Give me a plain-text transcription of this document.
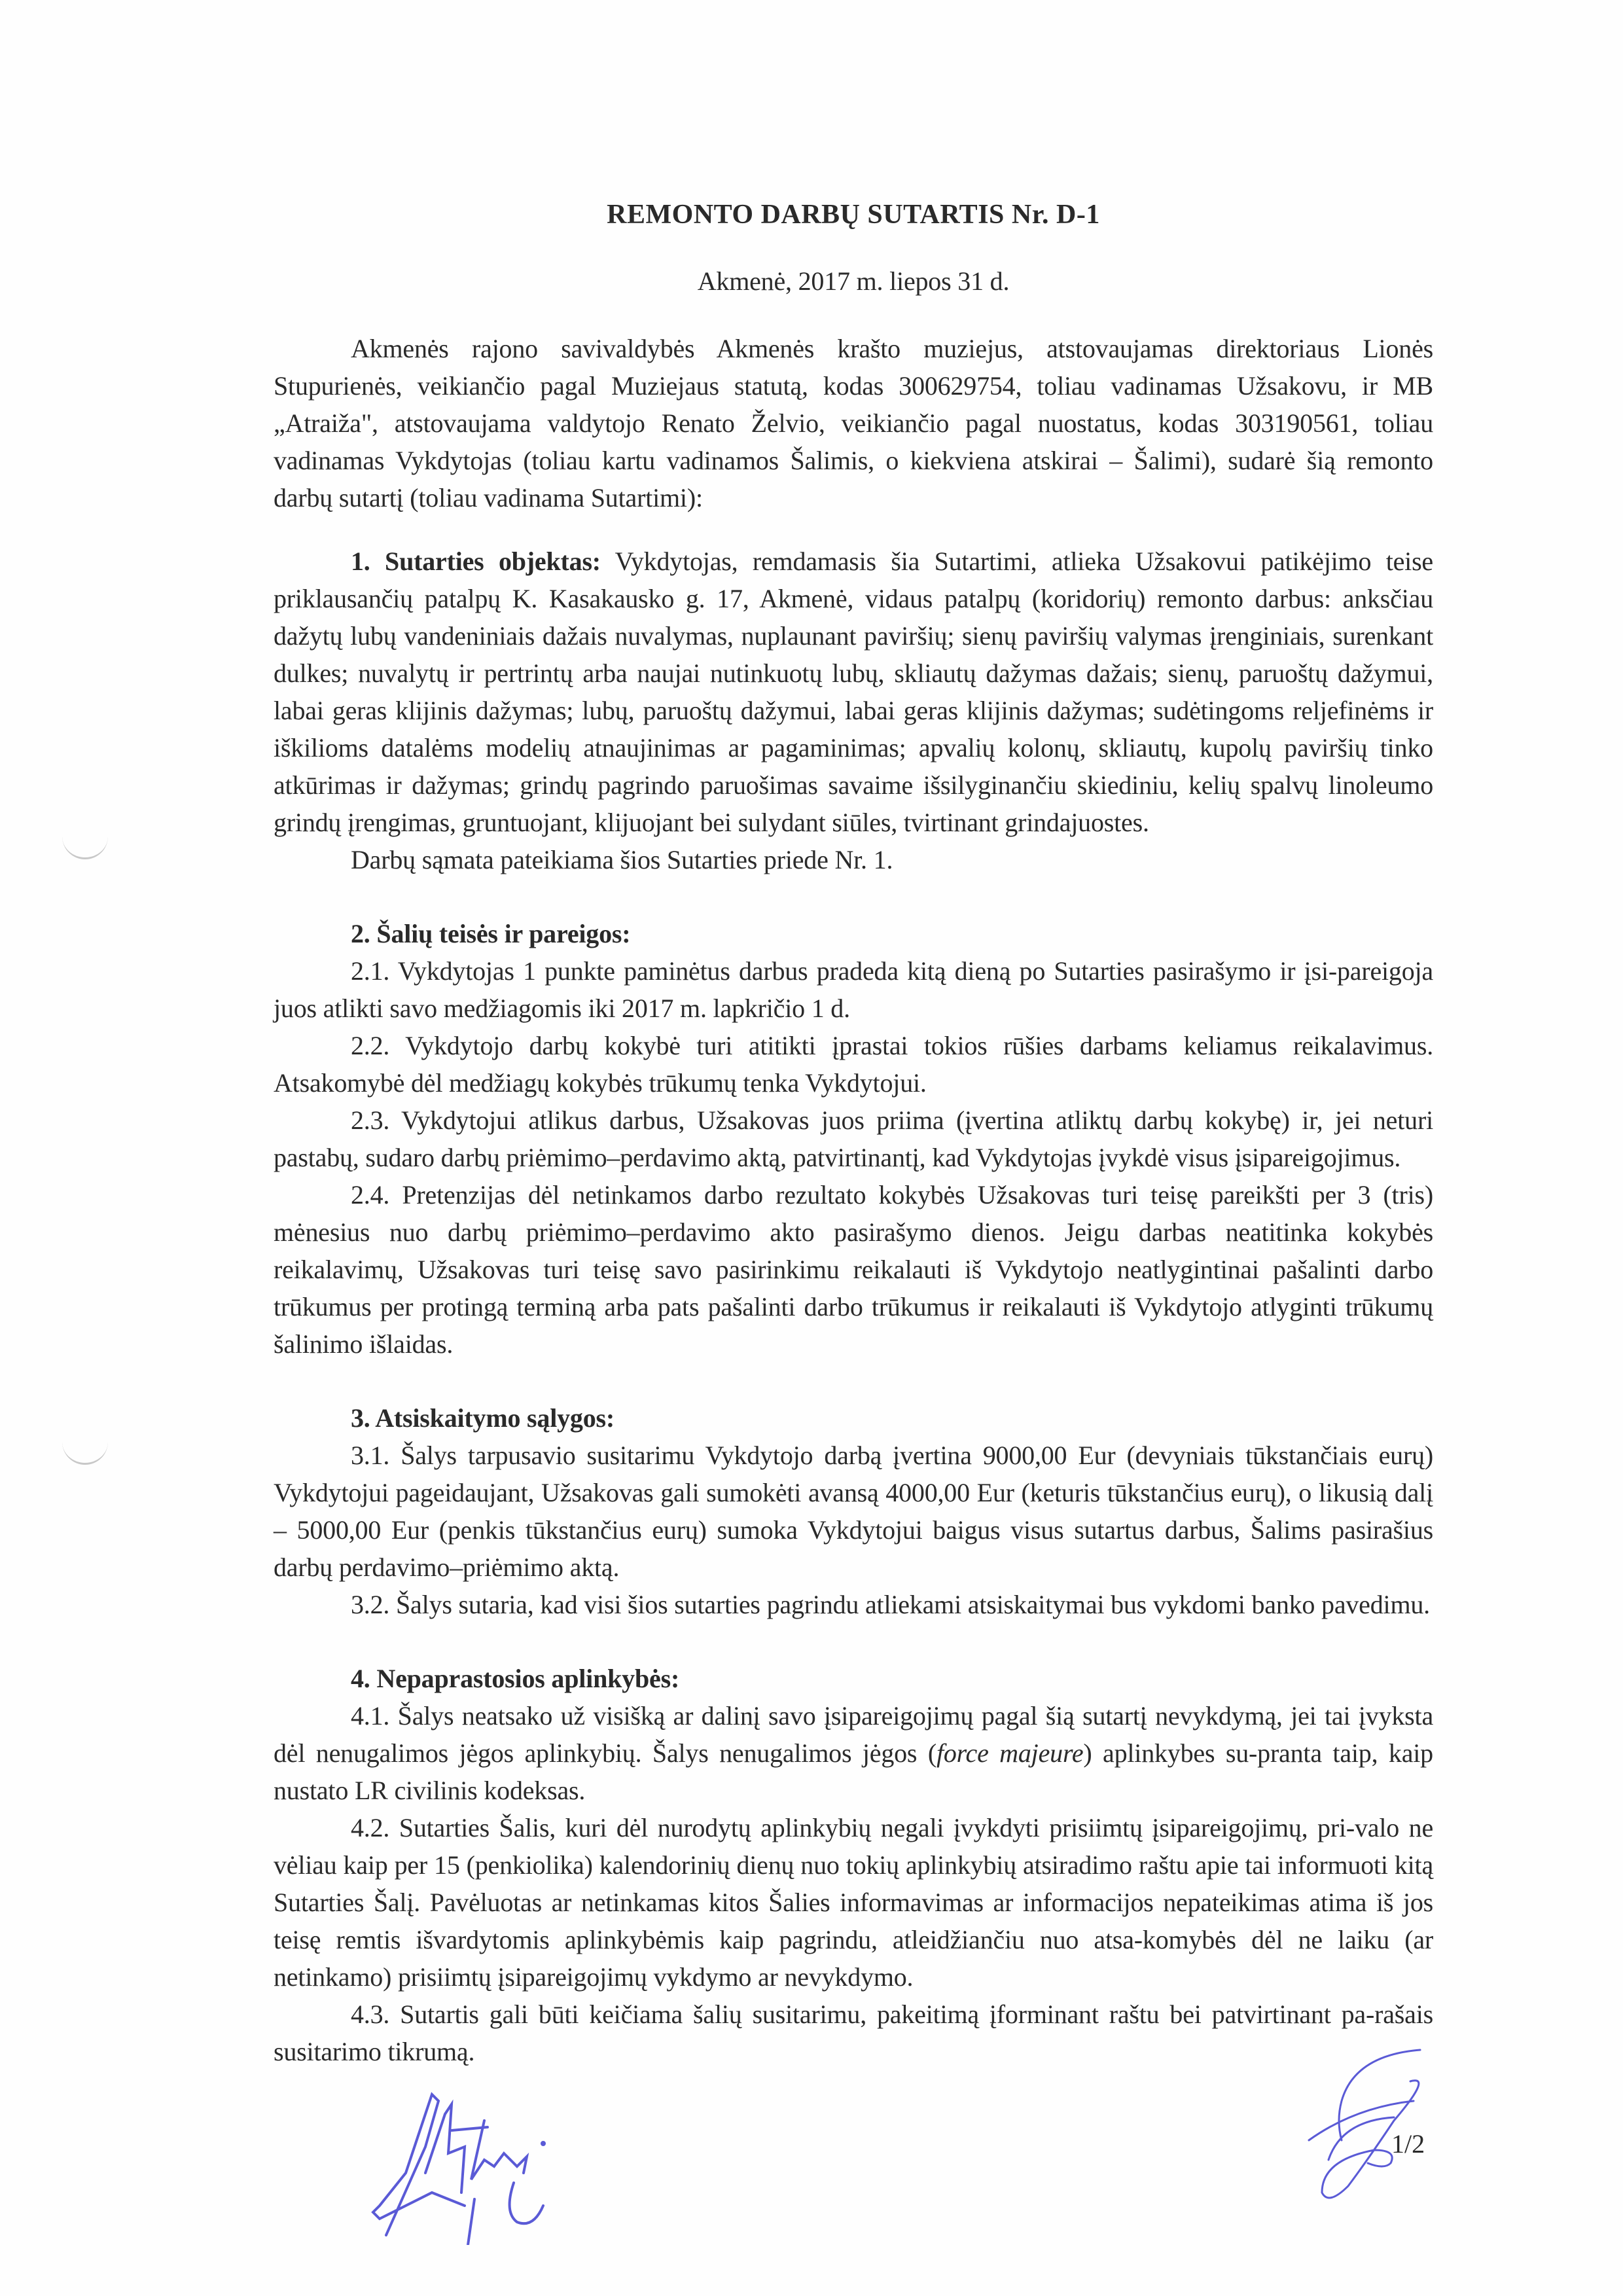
REMONTO DARBŲ SUTARTIS Nr. D-1
Akmenė, 2017 m. liepos 31 d.

Akmenės rajono savivaldybės Akmenės krašto muziejus, atstovaujamas direktoriaus Lionės Stupurienės, veikiančio pagal Muziejaus statutą, kodas 300629754, toliau vadinamas Užsakovu, ir MB „Atraiža", atstovaujama valdytojo Renato Želvio, veikiančio pagal nuostatus, kodas 303190561, toliau vadinamas Vykdytojas (toliau kartu vadinamos Šalimis, o kiekviena atskirai – Šalimi), sudarė šią remonto darbų sutartį (toliau vadinama Sutartimi):

1. Sutarties objektas: Vykdytojas, remdamasis šia Sutartimi, atlieka Užsakovui patikėjimo teise priklausančių patalpų K. Kasakausko g. 17, Akmenė, vidaus patalpų (koridorių) remonto darbus: anksčiau dažytų lubų vandeniniais dažais nuvalymas, nuplaunant paviršių; sienų paviršių valymas įrenginiais, surenkant dulkes; nuvalytų ir pertrintų arba naujai nutinkuotų lubų, skliautų dažymas dažais; sienų, paruoštų dažymui, labai geras klijinis dažymas; lubų, paruoštų dažymui, labai geras klijinis dažymas; sudėtingoms reljefinėms ir iškilioms datalėms modelių atnaujinimas ar pagaminimas; apvalių kolonų, skliautų, kupolų paviršių tinko atkūrimas ir dažymas; grindų pagrindo paruošimas savaime išsilyginančiu skiediniu, kelių spalvų linoleumo grindų įrengimas, gruntuojant, klijuojant bei sulydant siūles, tvirtinant grindajuostes.

Darbų sąmata pateikiama šios Sutarties priede Nr. 1.

2. Šalių teisės ir pareigos:

2.1. Vykdytojas 1 punkte paminėtus darbus pradeda kitą dieną po Sutarties pasirašymo ir įsi-pareigoja juos atlikti savo medžiagomis iki 2017 m. lapkričio 1 d.

2.2. Vykdytojo darbų kokybė turi atitikti įprastai tokios rūšies darbams keliamus reikalavimus. Atsakomybė dėl medžiagų kokybės trūkumų tenka Vykdytojui.

2.3. Vykdytojui atlikus darbus, Užsakovas juos priima (įvertina atliktų darbų kokybę) ir, jei neturi pastabų, sudaro darbų priėmimo–perdavimo aktą, patvirtinantį, kad Vykdytojas įvykdė visus įsipareigojimus.

2.4. Pretenzijas dėl netinkamos darbo rezultato kokybės Užsakovas turi teisę pareikšti per 3 (tris) mėnesius nuo darbų priėmimo–perdavimo akto pasirašymo dienos. Jeigu darbas neatitinka kokybės reikalavimų, Užsakovas turi teisę savo pasirinkimu reikalauti iš Vykdytojo neatlygintinai pašalinti darbo trūkumus per protingą terminą arba pats pašalinti darbo trūkumus ir reikalauti iš Vykdytojo atlyginti trūkumų šalinimo išlaidas.

3. Atsiskaitymo sąlygos:

3.1. Šalys tarpusavio susitarimu Vykdytojo darbą įvertina 9000,00 Eur (devyniais tūkstančiais eurų) Vykdytojui pageidaujant, Užsakovas gali sumokėti avansą 4000,00 Eur (keturis tūkstančius eurų), o likusią dalį – 5000,00 Eur (penkis tūkstančius eurų) sumoka Vykdytojui baigus visus sutartus darbus, Šalims pasirašius darbų perdavimo–priėmimo aktą.

3.2. Šalys sutaria, kad visi šios sutarties pagrindu atliekami atsiskaitymai bus vykdomi banko pavedimu.

4. Nepaprastosios aplinkybės:

4.1. Šalys neatsako už visišką ar dalinį savo įsipareigojimų pagal šią sutartį nevykdymą, jei tai įvyksta dėl nenugalimos jėgos aplinkybių. Šalys nenugalimos jėgos (force majeure) aplinkybes su-pranta taip, kaip nustato LR civilinis kodeksas.

4.2. Sutarties Šalis, kuri dėl nurodytų aplinkybių negali įvykdyti prisiimtų įsipareigojimų, pri-valo ne vėliau kaip per 15 (penkiolika) kalendorinių dienų nuo tokių aplinkybių atsiradimo raštu apie tai informuoti kitą Sutarties Šalį. Pavėluotas ar netinkamas kitos Šalies informavimas ar informacijos nepateikimas atima iš jos teisę remtis išvardytomis aplinkybėmis kaip pagrindu, atleidžiančiu nuo atsa-komybės dėl ne laiku (ar netinkamo) prisiimtų įsipareigojimų vykdymo ar nevykdymo.

4.3. Sutartis gali būti keičiama šalių susitarimu, pakeitimą įforminant raštu bei patvirtinant pa-rašais susitarimo tikrumą.

1/2
